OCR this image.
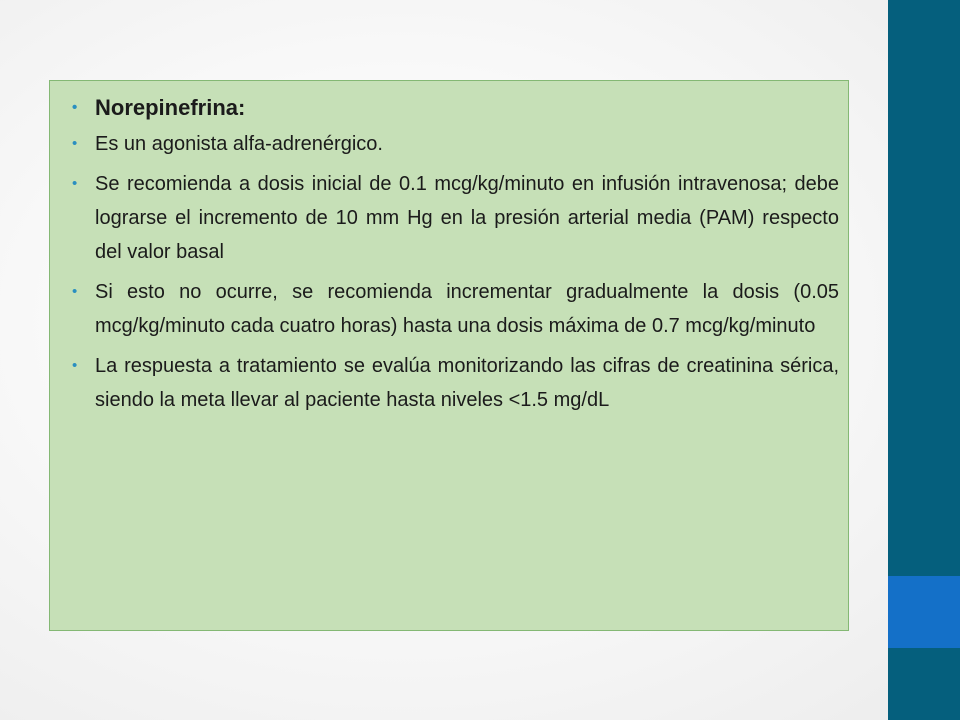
• Norepinefrina:
• Es un agonista alfa-adrenérgico.
• Se recomienda a dosis inicial de 0.1 mcg/kg/minuto en infusión intravenosa; debe lograrse el incremento de 10 mm Hg en la presión arterial media (PAM) respecto del valor basal
• Si esto no ocurre, se recomienda incrementar gradualmente la dosis (0.05 mcg/kg/minuto cada cuatro horas) hasta una dosis máxima de 0.7 mcg/kg/minuto
• La respuesta a tratamiento se evalúa monitorizando las cifras de creatinina sérica, siendo la meta llevar al paciente hasta niveles <1.5 mg/dL
